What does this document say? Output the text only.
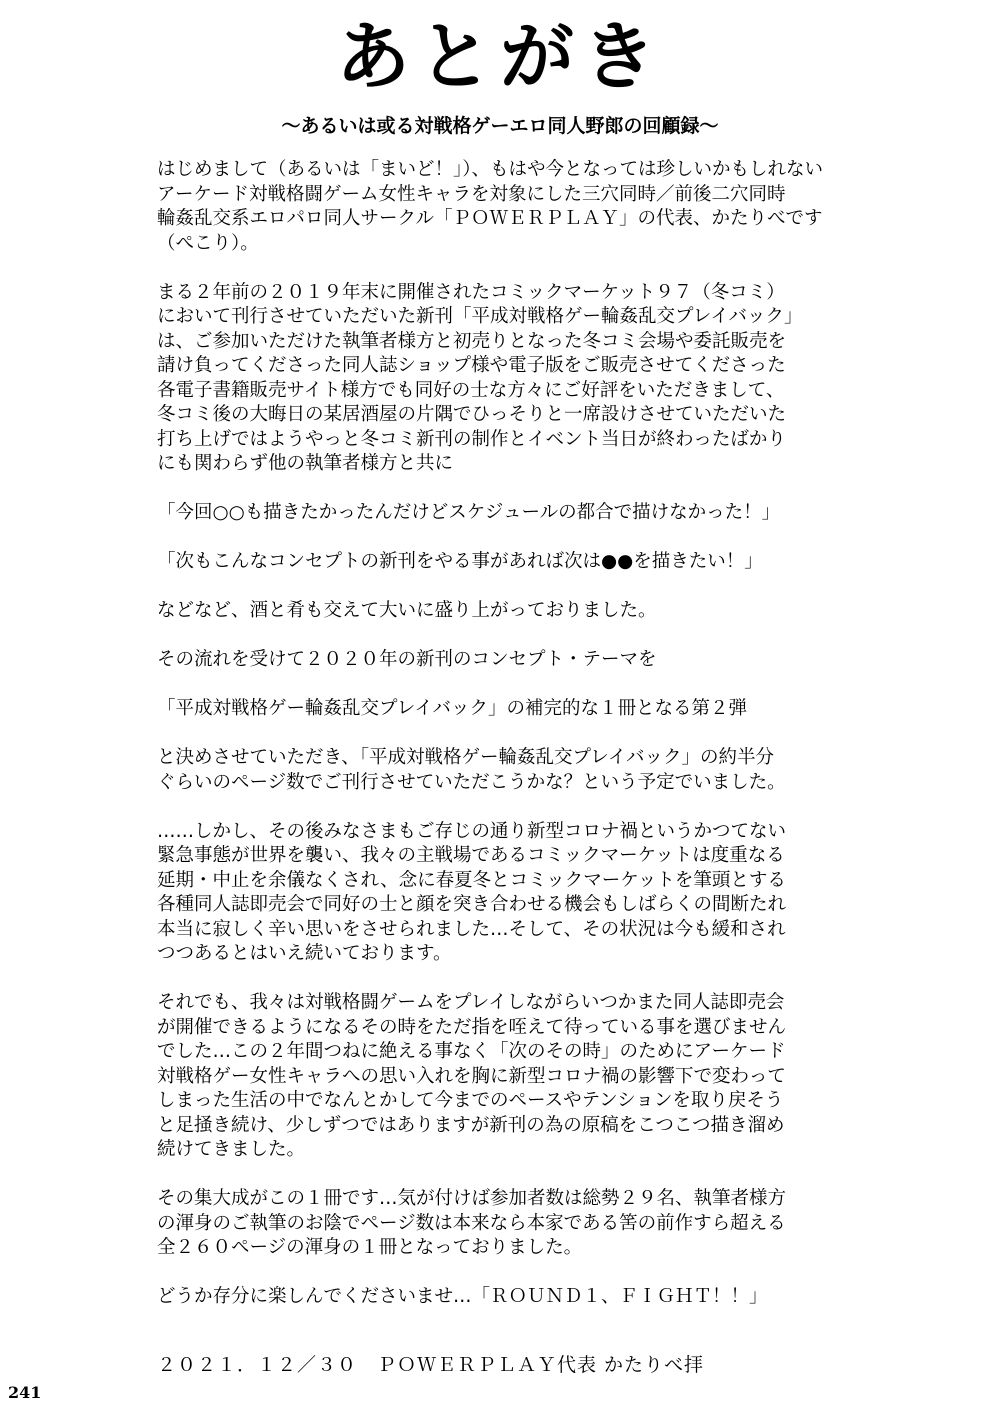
あとがき
～あるいは或る対戦格ゲーエロ同人野郎の回顧録～
はじめまして（あるいは「まいど！」）、もはや今となっては珍しいかもしれない
アーケード対戦格闘ゲーム女性キャラを対象にした三穴同時／前後二穴同時
輪姦乱交系エロパロ同人サークル「ＰＯＷＥＲＰＬＡＹ」の代表、かたりべです
（ぺこり）。
まる２年前の２０１９年末に開催されたコミックマーケット９７（冬コミ）
において刊行させていただいた新刊「平成対戦格ゲー輪姦乱交プレイバック」
は、ご参加いただけた執筆者様方と初売りとなった冬コミ会場や委託販売を
請け負ってくださった同人誌ショップ様や電子版をご販売させてくださった
各電子書籍販売サイト様方でも同好の士な方々にご好評をいただきまして、
冬コミ後の大晦日の某居酒屋の片隅でひっそりと一席設けさせていただいた
打ち上げではようやっと冬コミ新刊の制作とイベント当日が終わったばかり
にも関わらず他の執筆者様方と共に
「今回○○も描きたかったんだけどスケジュールの都合で描けなかった！」
「次もこんなコンセプトの新刊をやる事があれば次は●●を描きたい！」
などなど、酒と肴も交えて大いに盛り上がっておりました。
その流れを受けて２０２０年の新刊のコンセプト・テーマを
「平成対戦格ゲー輪姦乱交プレイバック」の補完的な１冊となる第２弾
と決めさせていただき、「平成対戦格ゲー輪姦乱交プレイバック」の約半分
ぐらいのページ数でご刊行させていただこうかな？という予定でいました。
……しかし、その後みなさまもご存じの通り新型コロナ禍というかつてない
緊急事態が世界を襲い、我々の主戦場であるコミックマーケットは度重なる
延期・中止を余儀なくされ、念に春夏冬とコミックマーケットを筆頭とする
各種同人誌即売会で同好の士と顔を突き合わせる機会もしばらくの間断たれ
本当に寂しく辛い思いをさせられました…そして、その状況は今も緩和され
つつあるとはいえ続いております。
それでも、我々は対戦格闘ゲームをプレイしながらいつかまた同人誌即売会
が開催できるようになるその時をただ指を咥えて待っている事を選びません
でした…この２年間つねに絶える事なく「次のその時」のためにアーケード
対戦格ゲー女性キャラへの思い入れを胸に新型コロナ禍の影響下で変わって
しまった生活の中でなんとかして今までのペースやテンションを取り戻そう
と足掻き続け、少しずつではありますが新刊の為の原稿をこつこつ描き溜め
続けてきました。
その集大成がこの１冊です…気が付けば参加者数は総勢２９名、執筆者様方
の渾身のご執筆のお陰でページ数は本来なら本家である筈の前作すら超える
全２６０ページの渾身の１冊となっておりました。
どうか存分に楽しんでくださいませ…「ＲＯＵＮＤ１、ＦＩＧＨＴ！！」
２０２１．１２／３０　ＰＯＷＥＲＰＬＡＹ代表 かたりべ拝
241
